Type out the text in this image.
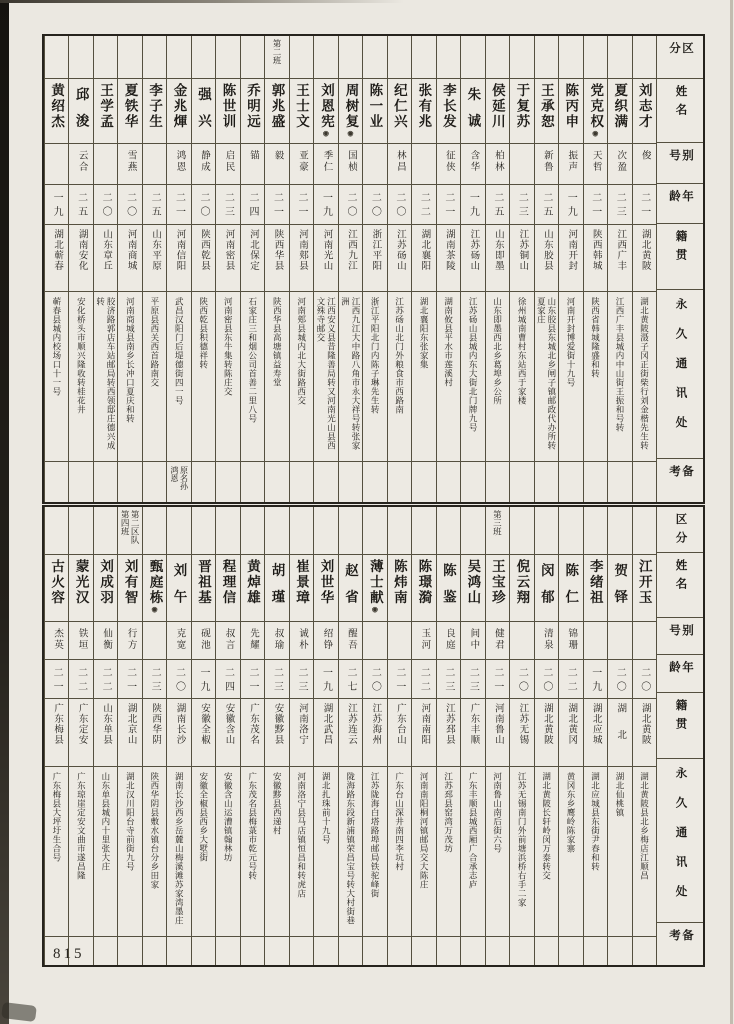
区分
姓名
别号
年龄
籍贯
永久通讯处
备考
刘志才
俊
二一
湖北黄陂
湖北黄陂滠子冈正街柴行刘金楷先生转
夏织满
次盈
二三
江西广丰
江西广丰县城内中山街王振和号转
党克权◉
天哲
二一
陕西韩城
陕西省韩城隆盛和转
陈丙申
振声
一九
河南开封
河南开封博爱街十九号
王承恕
新鲁
二五
山东胶县
山东胶县东城北乡闸子镇邮政代办所转夏家庄
于复苏
二三
江苏铜山
徐州城南曹村东站西于家楼
侯延川
柏林
二五
山东即墨
山东即墨西北乡葛埠乡公所
朱诚
含华
一九
江苏砀山
江苏砀山县城内东大街北门牌九号
李长发
征侠
二一
湖南茶陵
湖南攸县平水市莲溪村
张有兆
二二
湖北襄阳
湖北襄阳东张家集
纪仁兴
林昌
二〇
江苏砀山
江苏砀山北门外粮食市西路南
陈一业
二〇
浙江平阳
浙江平阳北门内陈子琳先生转
周树复◉
国桢
二〇
江西九江
江西九江大中路八角市永大祥号转张家洲
刘恩宪◉
季仁
一九
河南光山
江西安义县昔隆善局转又河南光山县西文殊寺邮交
王士文
亚豪
二一
河南郏县
河南郏县城内北大街路西交
第二班
郭兆盛
毅
二一
陕西华县
陕西华县高塘镇益寿堂
乔明远
锚
二四
河北保定
石家庄三和烟公司首善二里八号
陈世训
启民
二三
河南密县
河南密县东牛集转陈庄交
强兴
静成
二〇
陕西乾县
陕西乾县积德祥转
金兆煇
鸿恩
二一
河南信阳
武昌汉阳门后堤德街四一号
原名孙鸿恩
李子生
二五
山东平原
平原县西关西首路南交
夏铁华
雪燕
二〇
河南商城
河南商城县南乡长冲口夏庆和转
王学孟
二〇
山东章丘
胶济路郭店车站邮局转西领邸庄德兴成转
邱浚
云合
二五
湖南安化
安化桥头市顺兴隆收转桂花井
黄绍杰
一九
湖北蕲春
蕲春县城内校场口十一号
区分
姓名
别号
年龄
籍贯
永久通讯处
备考
江开玉
二〇
湖北黄陂
湖北黄陂县北乡梅店江顺昌
贺铎
二〇
湖北
湖北仙桃镇
李绪祖
一九
湖北应城
湖北应城县东街尹春和转
陈仁
锦珊
二二
湖北黄冈
黄冈东乡鹰岭陈家寨
闵郁
清泉
二〇
湖北黄陂
湖北黄陂长轩岭闵万泰转交
倪云翔
二〇
江苏无锡
江苏无锡南门外前塘浜桥右手二家
第三班
王宝珍
健君
二一
河南鲁山
河南鲁山南后街六号
吴鸿山
间中
二三
广东丰顺
广东丰顺县城西厢广合承志庐
陈鉴
良庭
二三
江苏邳县
江苏邳县窑湾万茂坊
陈璟漪
玉河
二二
河南南阳
河南南阳桐河镇邮局交大陈庄
陈炜南
二一
广东台山
广东台山深井南四李坑村
薄士献◉
二〇
江苏海州
江苏陇海白塔路埠邮局铁驼峰街
赵省
醒吾
二七
江苏连云
陇海路东段新浦镇荣昌宝号转大村街巷
刘世华
绍铮
一九
湖北武昌
湖北扎珠前十九号
崔景璋
诚朴
二三
河南洛宁
河南洛宁县马店镇恒昌和转虎店
胡瑾
叔瑜
二三
安徽黟县
安徽黟县西递村
黄焯雄
先耀
二一
广东茂名
广东茂名县梅菉市乾元号转
程理信
叔言
二四
安徽含山
安徽含山运漕镇翰林坊
晋祖基
砚池
一九
安徽全椒
安徽全椒县西乡大墅街
刘午
克宽
二〇
湖南长沙
湖南长沙西乡岳麓山梅溪滩苏家湾墨庄
甄庭栋◉
二三
陕西华阴
陕西华阴县敷水镇台分乡田家
第二区队第四班
刘有智
行方
二一
湖北京山
湖北汉川阳台寺前街九号
刘成羽
仙衡
二二
山东单县
山东单县城内十里张大庄
蒙光汉
铁垣
二二
广东定安
广东琼崖定安文曲市遂昌隆
古火容
杰英
二一
广东梅县
广东梅县大坪圩生合号
815
